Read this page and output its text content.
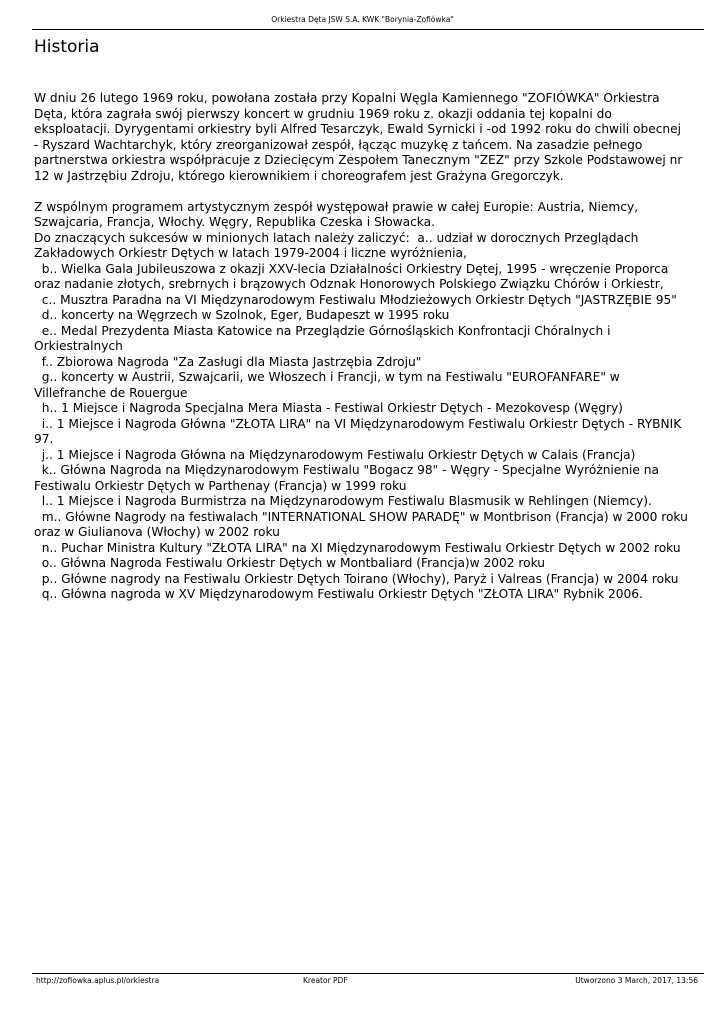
Orkiestra Dęta JSW S.A. KWK "Borynia-Zofiówka"
Historia

W dniu 26 lutego 1969 roku, powołana została przy Kopalni Węgla Kamiennego "ZOFIÓWKA" Orkiestra Dęta, która zagrała swój pierwszy koncert w grudniu 1969 roku z. okazji oddania tej kopalni do eksploatacji. Dyrygentami orkiestry byli Alfred Tesarczyk, Ewald Syrnicki i -od 1992 roku do chwili obecnej - Ryszard Wachtarchyk, który zreorganizował zespół, łącząc muzykę z tańcem. Na zasadzie pełnego partnerstwa orkiestra współpracuje z Dziecięcym Zespołem Tanecznym "ZEZ" przy Szkole Podstawowej nr 12 w Jastrzębiu Zdroju, którego kierownikiem i choreografem jest Grażyna Gregorczyk.

Z wspólnym programem artystycznym zespół występował prawie w całej Europie: Austria, Niemcy, Szwajcaria, Francja, Włochy. Węgry, Republika Czeska i Słowacka.

Do znaczących sukcesów w minionych latach należy zaliczyć:  a.. udział w dorocznych Przeglądach Zakładowych Orkiestr Dętych w latach 1979-2004 i liczne wyróżnienia,

b.. Wielka Gala Jubileuszowa z okazji XXV-lecia Działalności Orkiestry Dętej, 1995 - wręczenie Proporca oraz nadanie złotych, srebrnych i brązowych Odznak Honorowych Polskiego Związku Chórów i Orkiestr,

c.. Musztra Paradna na VI Międzynarodowym Festiwalu Młodzieżowych Orkiestr Dętych "JASTRZĘBIE 95"

d.. koncerty na Węgrzech w Szolnok, Eger, Budapeszt w 1995 roku

e.. Medal Prezydenta Miasta Katowice na Przeglądzie Górnośląskich Konfrontacji Chóralnych i Orkiestralnych

f.. Zbiorowa Nagroda "Za Zasługi dla Miasta Jastrzębia Zdroju"

g.. koncerty w Austrii, Szwajcarii, we Włoszech i Francji, w tym na Festiwalu "EUROFANFARE" w Villefranche de Rouergue

h.. 1 Miejsce i Nagroda Specjalna Mera Miasta - Festiwal Orkiestr Dętych - Mezokovesp (Węgry)

i.. 1 Miejsce i Nagroda Główna "ZŁOTA LIRA" na VI Międzynarodowym Festiwalu Orkiestr Dętych - RYBNIK 97.

j.. 1 Miejsce i Nagroda Główna na Międzynarodowym Festiwalu Orkiestr Dętych w Calais (Francja)

k.. Główna Nagroda na Międzynarodowym Festiwalu "Bogacz 98" - Węgry - Specjalne Wyróżnienie na Festiwalu Orkiestr Dętych w Parthenay (Francja) w 1999 roku

l.. 1 Miejsce i Nagroda Burmistrza na Międzynarodowym Festiwalu Blasmusik w Rehlingen (Niemcy).

m.. Główne Nagrody na festiwalach "INTERNATIONAL SHOW PARADĘ" w Montbrison (Francja) w 2000 roku oraz w Giulianova (Włochy) w 2002 roku

n.. Puchar Ministra Kultury "ZŁOTA LIRA" na XI Międzynarodowym Festiwalu Orkiestr Dętych w 2002 roku

o.. Główna Nagroda Festiwalu Orkiestr Dętych w Montbaliard (Francja)w 2002 roku

p.. Główne nagrody na Festiwalu Orkiestr Dętych Toirano (Włochy), Paryż i Valreas (Francja) w 2004 roku

q.. Główna nagroda w XV Międzynarodowym Festiwalu Orkiestr Dętych "ZŁOTA LIRA" Rybnik 2006.

http://zofiowka.aplus.pl/orkiestra	Kreator PDF	Utworzono 3 March, 2017, 13:56
